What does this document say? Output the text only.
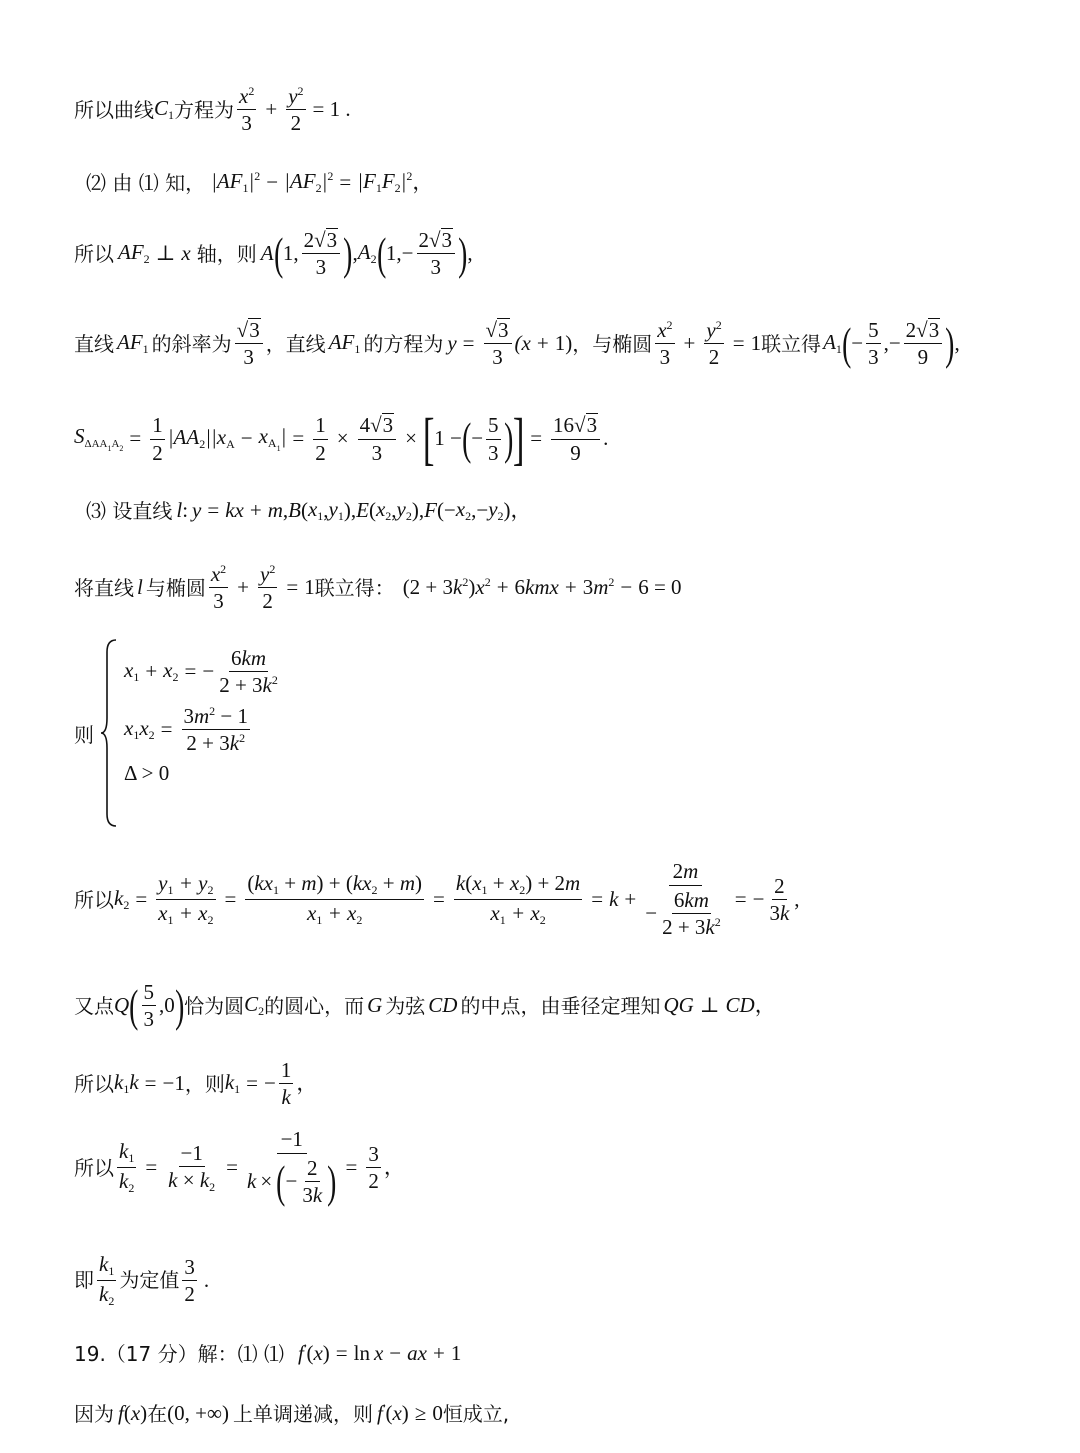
所以曲线 $C_1$ 方程为 $\frac{x^2}{3} + \frac{y^2}{2} = 1$ .
⑵ 由 ⑴ 知， $|AF_1|^2 - |AF_2|^2 = |F_1F_2|^2$ ，
所以 $AF_2$ ⊥ x 轴，则 A ( 1, $\frac{2 √ 3}{3}$ ) , $A_2$ ( $1,- \frac{2 √ 3}{3}$ ) ,
直线 $AF_1$ 的斜率为 $\frac{√ 3}{3}$ ，直线 $AF_1$ 的方程为 $y = \frac{√ 3}{3} (x + 1)$ ，与椭圆 $\frac{x^2}{3} + \frac{y^2}{2} = 1$ 联立得 $A_1$ ( − $\frac{5}{3}$ ,− $\frac{2 √ 3}{9}$ ) ,
$S_{\Delta AA_1A_2} = \frac{1}{2} |AA_2||x_A - x_{A_1}| = \frac{1}{2} \times \frac{4 √ 3}{3}$ × [ 1 − ( − $\frac{5}{3}$ ) ] = $\frac{16 √ 3}{9}$ .
⑶ 设直线 l : y = kx + m , B ( $x_1$ , $y_1$ ), E ( $x_2$ , $y_2$ ), F (− $x_2$ ,− $y_2$ )，
将直线 l 与椭圆 $\frac{x^2}{3} + \frac{y^2}{2} = 1$ 联立得： (2 + 3 k $^2$) x $^2$ + 6 kmx + 3 m $^2$ − 6 = 0
则
$x_1 + x_2$ = − $\frac{6km}{2 + 3k^2}$
$x_1x_2 = \frac{3m^2 - 1}{2 + 3k^2}$
Δ > 0
所以 $k_2 = \frac{y_1 + y_2}{x_1 + x_2} = \frac{(kx_1 + m) + (kx_2 + m)}{x_1 + x_2} = \frac{k(x_1 + x_2) + 2m}{x_1 + x_2} = k + \frac{2m}{- \frac{6km}{2 + 3k^2}}$ = − $\frac{2}{3k}$ ,
又点 Q ( $\frac{5}{3} ,0$ ) 恰为圆 $C_2$ 的圆心，而 G 为弦 CD 的中点，由垂径定理知 QG ⊥ CD ，
所以 $k_1k = -1$ ，则 $k_1$ = − $\frac{1}{k}$ ，
所以 $\frac{k_1}{k_2} = \frac{-1}{k \times k_2} = \frac{-1}{k \times ( - \frac{2}{3k} )} = \frac{3}{2}$ ，
即 $\frac{k_1}{k_2}$ 为定值 $\frac{3}{2}$ .
19.（17 分）解：⑴ ⑴ f ′( x ) = ln x − ax + 1
因为 f ( x ) 在 (0, +∞) 上单调递减，则 f ′( x ) ≥ 0 恒成立,
